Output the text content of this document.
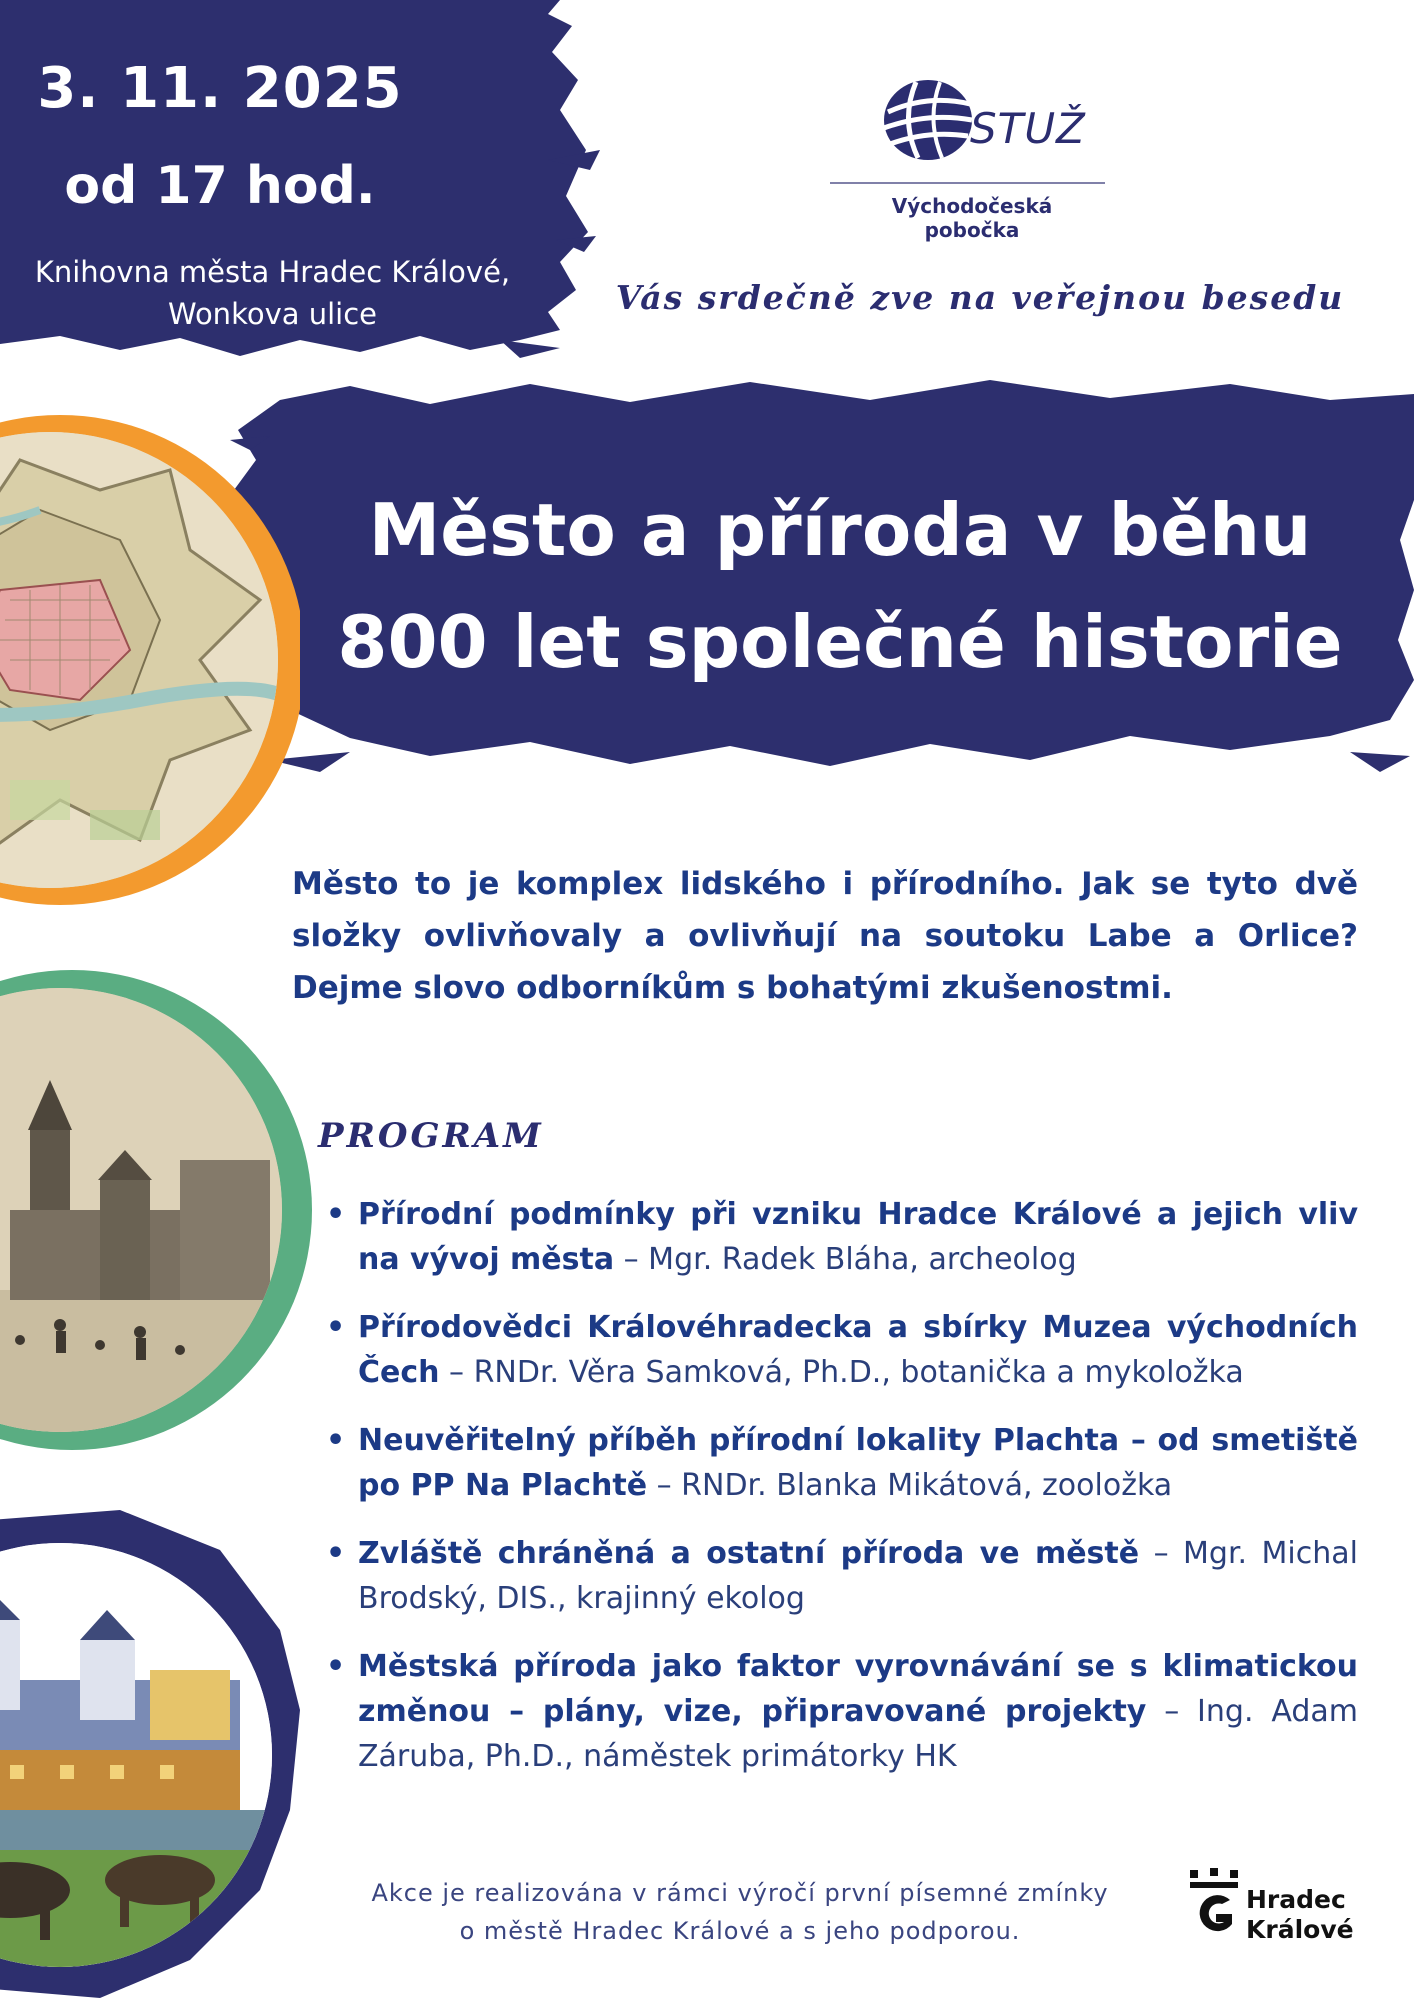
3. 11. 2025
od 17 hod.
Knihovna města Hradec Králové,
Wonkova ulice
STUŽ
Východočeská pobočka
Vás srdečně zve na veřejnou besedu
Město a příroda v běhu
800 let společné historie
Město to je komplex lidského i přírodního. Jak se tyto dvě složky ovlivňovaly a ovlivňují na soutoku Labe a Orlice? Dejme slovo odborníkům s bohatými zkušenostmi.
PROGRAM
• Přírodní podmínky při vzniku Hradce Králové a jejich vliv na vývoj města – Mgr. Radek Bláha, archeolog
• Přírodovědci Královéhradecka a sbírky Muzea východních Čech – RNDr. Věra Samková, Ph.D., botanička a mykoložka
• Neuvěřitelný příběh přírodní lokality Plachta – od smetiště po PP Na Plachtě – RNDr. Blanka Mikátová, zooložka
• Zvláště chráněná a ostatní příroda ve městě – Mgr. Michal Brodský, DIS., krajinný ekolog
• Městská příroda jako faktor vyrovnávání se s klimatickou změnou – plány, vize, připravované projekty – Ing. Adam Záruba, Ph.D., náměstek primátorky HK
Akce je realizována v rámci výročí první písemné zmínky o městě Hradec Králové a s jeho podporou.
Hradec
Králové
